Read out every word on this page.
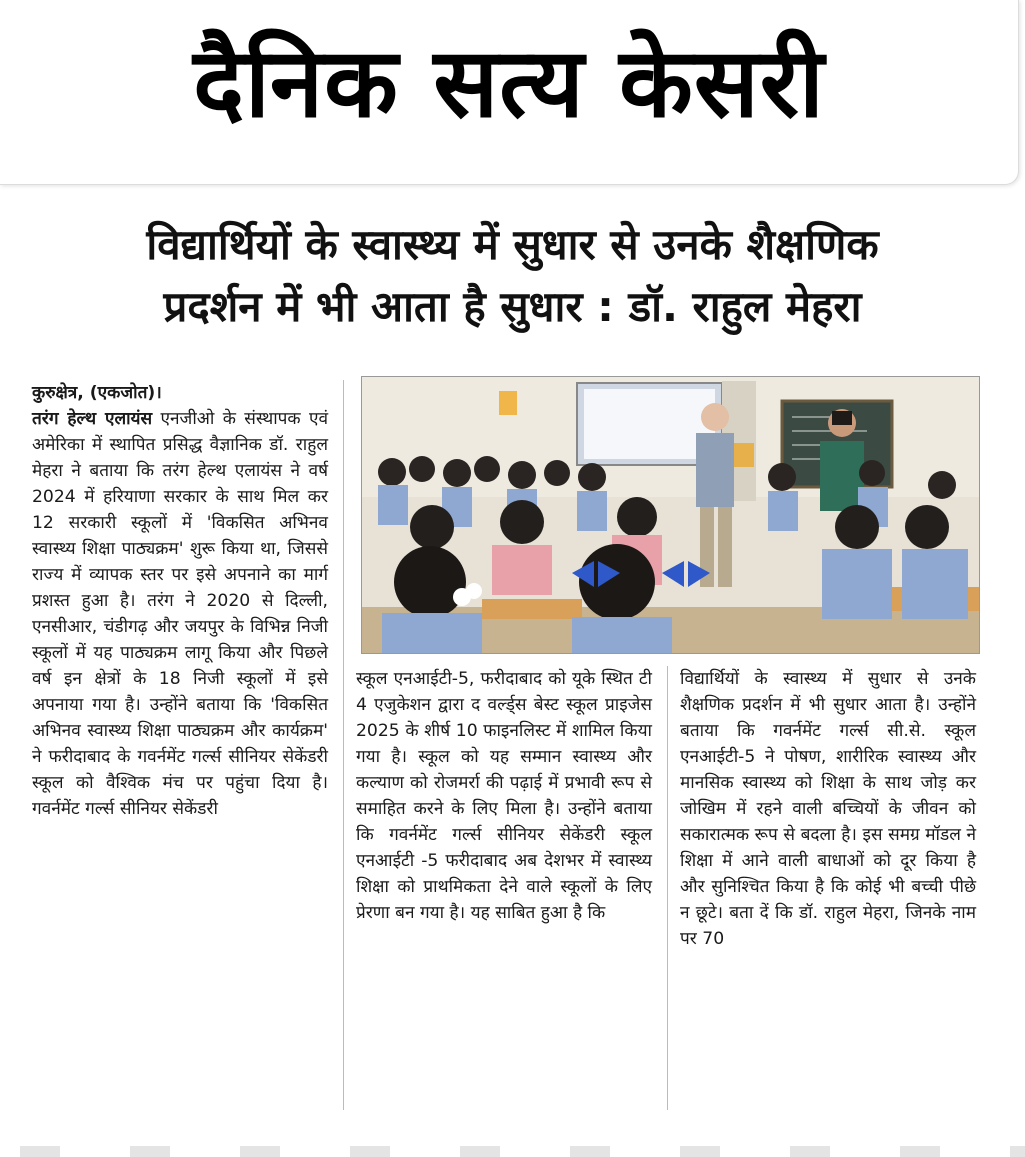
दैनिक सत्य केसरी
विद्यार्थियों के स्वास्थ्य में सुधार से उनके शैक्षणिक
प्रदर्शन में भी आता है सुधार : डॉ. राहुल मेहरा

कुरुक्षेत्र, (एकजोत)।

तरंग हेल्थ एलायंस एनजीओ के संस्थापक एवं अमेरिका में स्थापित प्रसिद्ध वैज्ञानिक डॉ. राहुल मेहरा ने बताया कि तरंग हेल्थ एलायंस ने वर्ष 2024 में हरियाणा सरकार के साथ मिल कर 12 सरकारी स्कूलों में 'विकसित अभिनव स्वास्थ्य शिक्षा पाठ्यक्रम' शुरू किया था, जिससे राज्य में व्यापक स्तर पर इसे अपनाने का मार्ग प्रशस्त हुआ है। तरंग ने 2020 से दिल्ली, एनसीआर, चंडीगढ़ और जयपुर के विभिन्न निजी स्कूलों में यह पाठ्यक्रम लागू किया और पिछले वर्ष इन क्षेत्रों के 18 निजी स्कूलों में इसे अपनाया गया है। उन्होंने बताया कि 'विकसित अभिनव स्वास्थ्य शिक्षा पाठ्यक्रम और कार्यक्रम' ने फरीदाबाद के गवर्नमेंट गर्ल्स सीनियर सेकेंडरी स्कूल को वैश्विक मंच पर पहुंचा दिया है। गवर्नमेंट गर्ल्स सीनियर सेकेंडरी

स्कूल एनआईटी-5, फरीदाबाद को यूके स्थित टी 4 एजुकेशन द्वारा द वर्ल्ड्स बेस्ट स्कूल प्राइजेस 2025 के शीर्ष 10 फाइनलिस्ट में शामिल किया गया है। स्कूल को यह सम्मान स्वास्थ्य और कल्याण को रोजमर्रा की पढ़ाई में प्रभावी रूप से समाहित करने के लिए मिला है। उन्होंने बताया कि गवर्नमेंट गर्ल्स सीनियर सेकेंडरी स्कूल एनआईटी -5 फरीदाबाद अब देशभर में स्वास्थ्य शिक्षा को प्राथमिकता देने वाले स्कूलों के लिए प्रेरणा बन गया है। यह साबित हुआ है कि

विद्यार्थियों के स्वास्थ्य में सुधार से उनके शैक्षणिक प्रदर्शन में भी सुधार आता है। उन्होंने बताया कि गवर्नमेंट गर्ल्स सी.से. स्कूल एनआईटी-5 ने पोषण, शारीरिक स्वास्थ्य और मानसिक स्वास्थ्य को शिक्षा के साथ जोड़ कर जोखिम में रहने वाली बच्चियों के जीवन को सकारात्मक रूप से बदला है। इस समग्र मॉडल ने शिक्षा में आने वाली बाधाओं को दूर किया है और सुनिश्चित किया है कि कोई भी बच्ची पीछे न छूटे। बता दें कि डॉ. राहुल मेहरा, जिनके नाम पर 70
